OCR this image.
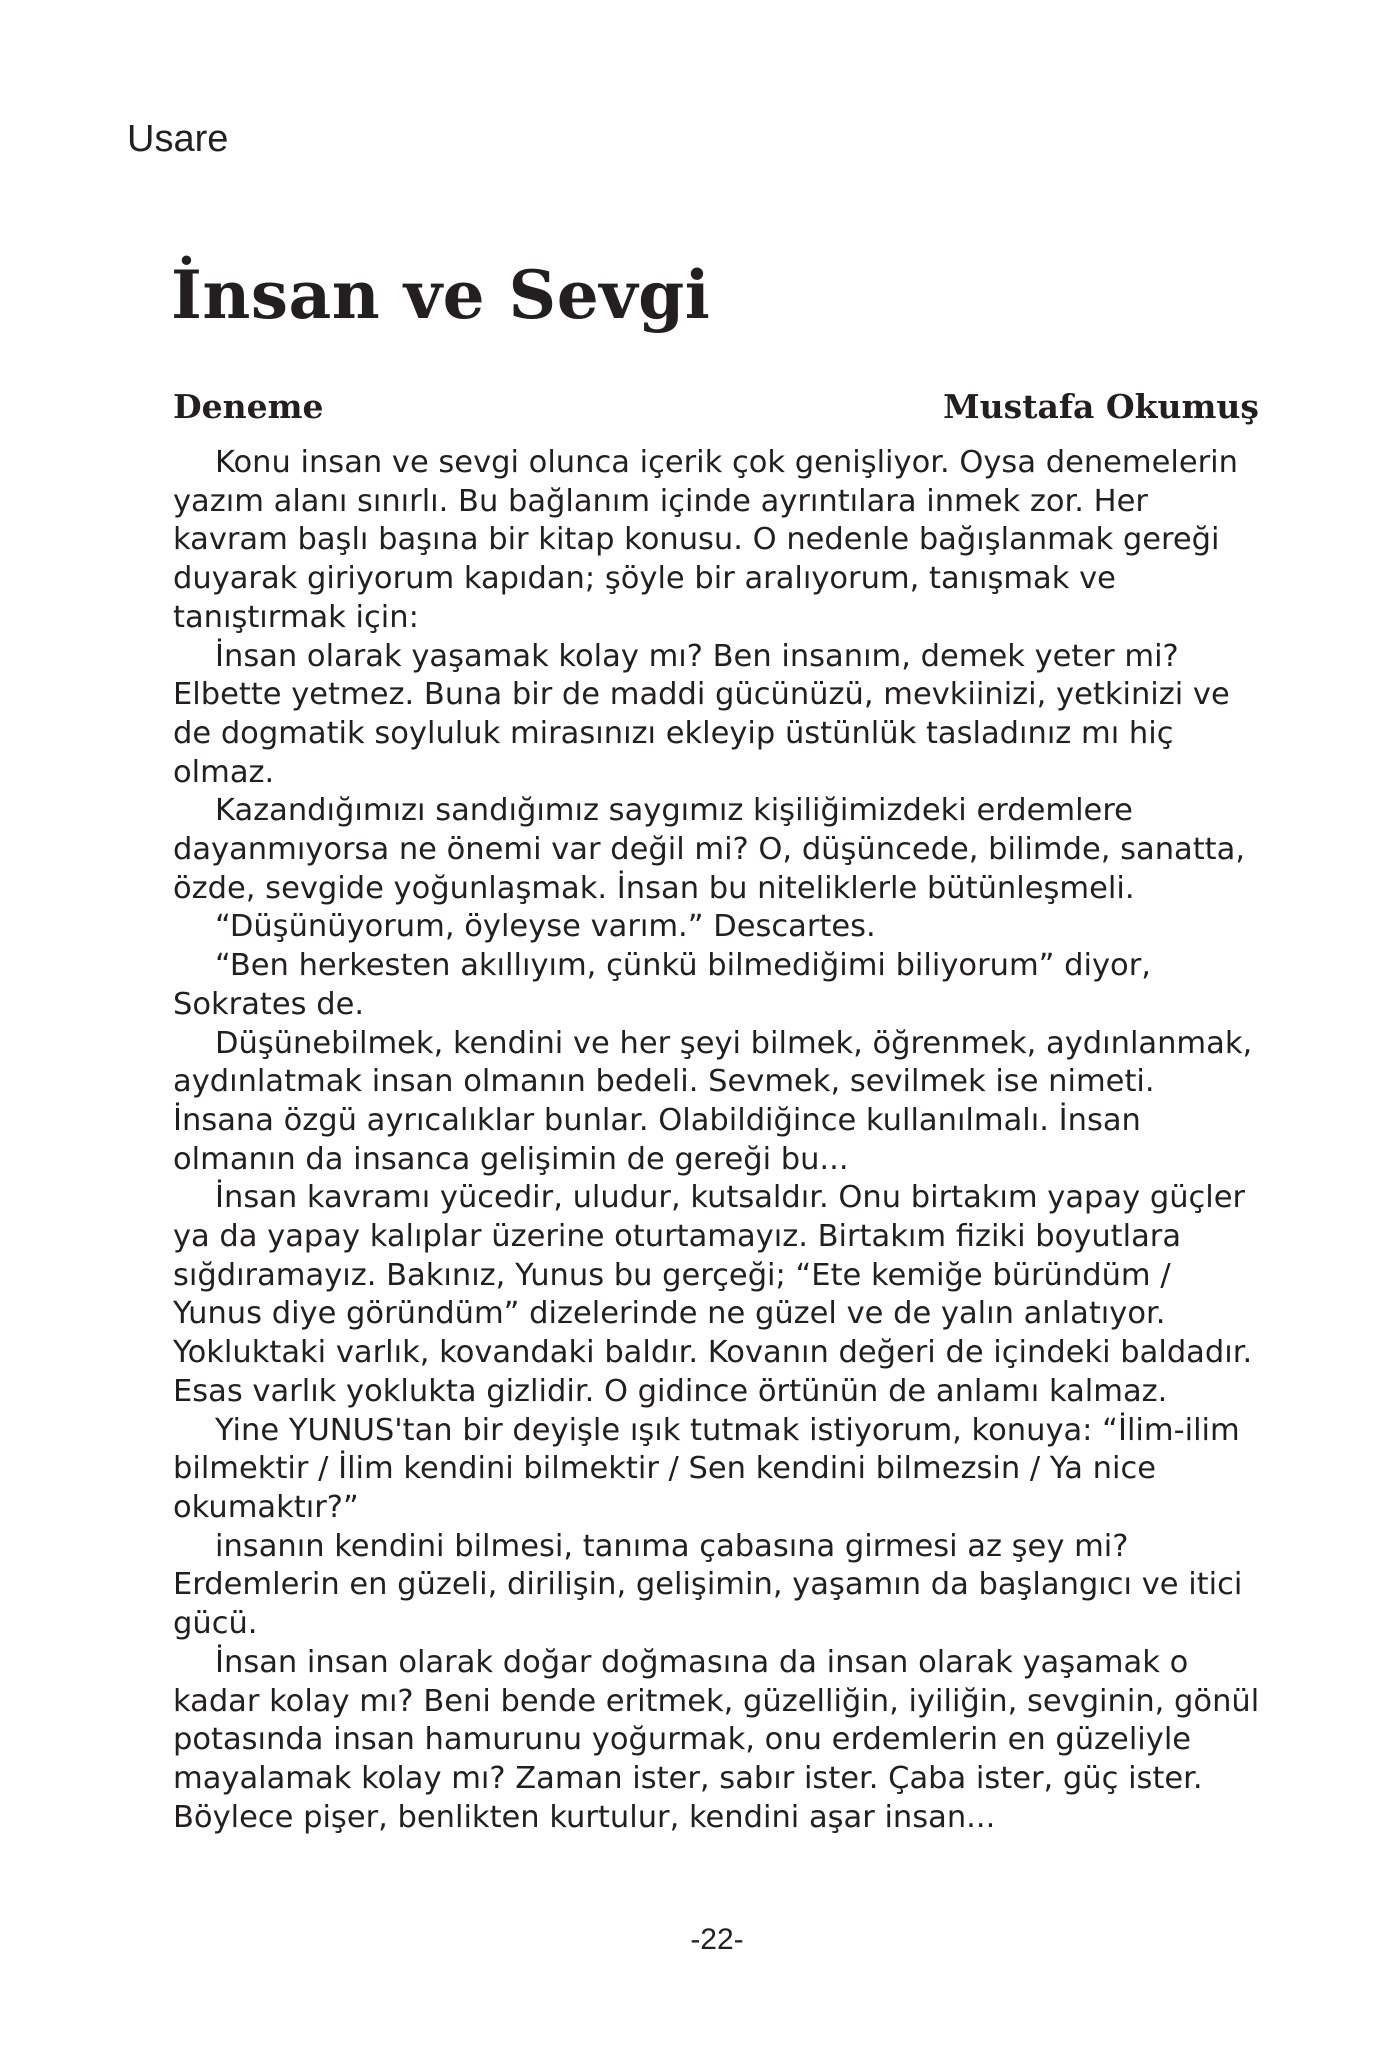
Usare
İnsan ve Sevgi
Deneme	Mustafa Okumuş

Konu insan ve sevgi olunca içerik çok genişliyor. Oysa denemelerin yazım alanı sınırlı. Bu bağlanım içinde ayrıntılara inmek zor. Her kavram başlı başına bir kitap konusu. O nedenle bağışlanmak gereği duyarak giriyorum kapıdan; şöyle bir aralıyorum, tanışmak ve tanıştırmak için:

İnsan olarak yaşamak kolay mı? Ben insanım, demek yeter mi? Elbette yetmez. Buna bir de maddi gücünüzü, mevkiinizi, yetkinizi ve de dogmatik soyluluk mirasınızı ekleyip üstünlük tasladınız mı hiç olmaz.

Kazandığımızı sandığımız saygımız kişiliğimizdeki erdemlere dayanmıyorsa ne önemi var değil mi? O, düşüncede, bilimde, sanatta, özde, sevgide yoğunlaşmak. İnsan bu niteliklerle bütünleşmeli.

“Düşünüyorum, öyleyse varım.” Descartes.

“Ben herkesten akıllıyım, çünkü bilmediğimi biliyorum” diyor, Sokrates de.

Düşünebilmek, kendini ve her şeyi bilmek, öğrenmek, aydınlanmak, aydınlatmak insan olmanın bedeli. Sevmek, sevilmek ise nimeti. İnsana özgü ayrıcalıklar bunlar. Olabildiğince kullanılmalı. İnsan olmanın da insanca gelişimin de gereği bu...

İnsan kavramı yücedir, uludur, kutsaldır. Onu birtakım yapay güçler ya da yapay kalıplar üzerine oturtamayız. Birtakım fiziki boyutlara sığdıramayız. Bakınız, Yunus bu gerçeği; “Ete kemiğe büründüm / Yunus diye göründüm” dizelerinde ne güzel ve de yalın anlatıyor. Yokluktaki varlık, kovandaki baldır. Kovanın değeri de içindeki baldadır. Esas varlık yoklukta gizlidir. O gidince örtünün de anlamı kalmaz.

Yine YUNUS'tan bir deyişle ışık tutmak istiyorum, konuya: “İlim-ilim bilmektir / İlim kendini bilmektir / Sen kendini bilmezsin / Ya nice okumaktır?”

insanın kendini bilmesi, tanıma çabasına girmesi az şey mi? Erdemlerin en güzeli, dirilişin, gelişimin, yaşamın da başlangıcı ve itici gücü.

İnsan insan olarak doğar doğmasına da insan olarak yaşamak o kadar kolay mı? Beni bende eritmek, güzelliğin, iyiliğin, sevginin, gönül potasında insan hamurunu yoğurmak, onu erdemlerin en güzeliyle mayalamak kolay mı? Zaman ister, sabır ister. Çaba ister, güç ister. Böylece pişer, benlikten kurtulur, kendini aşar insan...

-22-
